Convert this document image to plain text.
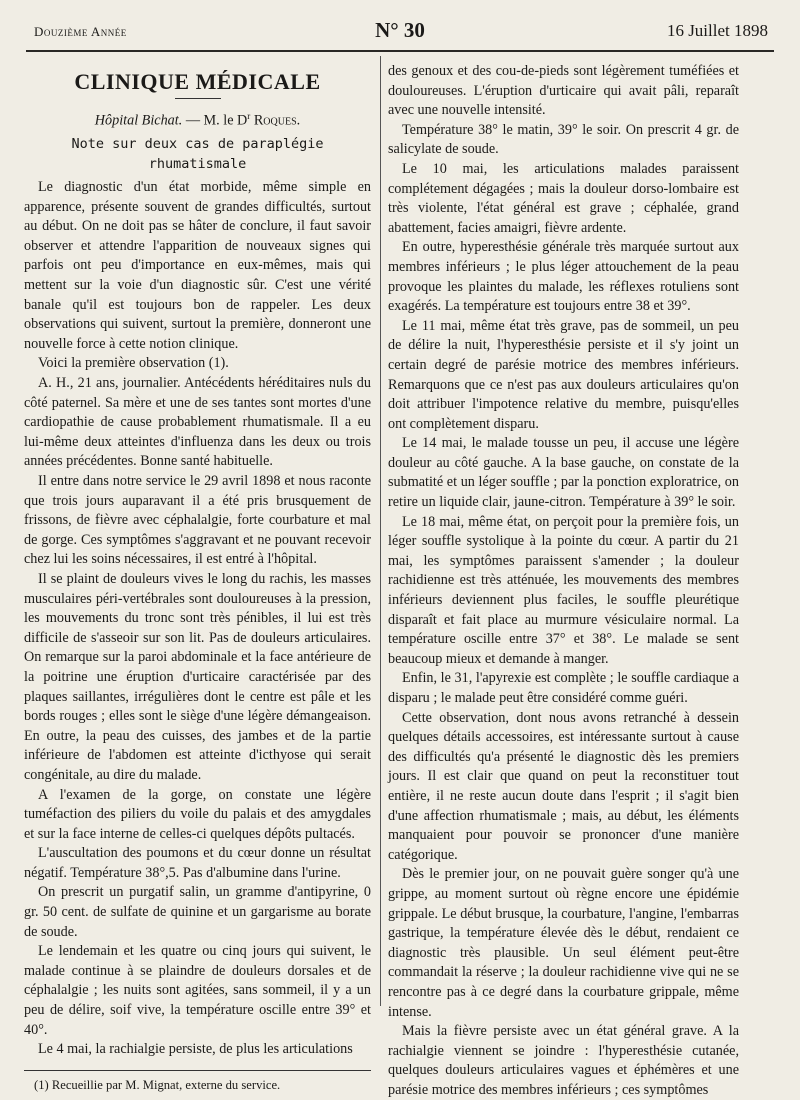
Douzième Année	N° 30	16 Juillet 1898
CLINIQUE MÉDICALE
Hôpital Bichat. — M. le $D^r$ Roques.
Note sur deux cas de paraplégie rhumatismale

Le diagnostic d'un état morbide, même simple en apparence, présente souvent de grandes difficultés, surtout au début. On ne doit pas se hâter de conclure, il faut savoir observer et attendre l'apparition de nouveaux signes qui parfois ont peu d'importance en eux-mêmes, mais qui mettent sur la voie d'un diagnostic sûr. C'est une vérité banale qu'il est toujours bon de rappeler. Les deux observations qui suivent, surtout la première, donneront une nouvelle force à cette notion clinique.

Voici la première observation (1).

A. H., 21 ans, journalier. Antécédents héréditaires nuls du côté paternel. Sa mère et une de ses tantes sont mortes d'une cardiopathie de cause probablement rhumatismale. Il a eu lui-même deux atteintes d'influenza dans les deux ou trois années précédentes. Bonne santé habituelle.

Il entre dans notre service le 29 avril 1898 et nous raconte que trois jours auparavant il a été pris brusquement de frissons, de fièvre avec céphalalgie, forte courbature et mal de gorge. Ces symptômes s'aggravant et ne pouvant recevoir chez lui les soins nécessaires, il est entré à l'hôpital.

Il se plaint de douleurs vives le long du rachis, les masses musculaires péri-vertébrales sont douloureuses à la pression, les mouvements du tronc sont très pénibles, il lui est très difficile de s'asseoir sur son lit. Pas de douleurs articulaires. On remarque sur la paroi abdominale et la face antérieure de la poitrine une éruption d'urticaire caractérisée par des plaques saillantes, irrégulières dont le centre est pâle et les bords rouges ; elles sont le siège d'une légère démangeaison. En outre, la peau des cuisses, des jambes et de la partie inférieure de l'abdomen est atteinte d'icthyose qui serait congénitale, au dire du malade.

A l'examen de la gorge, on constate une légère tuméfaction des piliers du voile du palais et des amygdales et sur la face interne de celles-ci quelques dépôts pultacés.

L'auscultation des poumons et du cœur donne un résultat négatif. Température 38°,5. Pas d'albumine dans l'urine.

On prescrit un purgatif salin, un gramme d'antipyrine, 0 gr. 50 cent. de sulfate de quinine et un gargarisme au borate de soude.

Le lendemain et les quatre ou cinq jours qui suivent, le malade continue à se plaindre de douleurs dorsales et de céphalalgie ; les nuits sont agitées, sans sommeil, il y a un peu de délire, soif vive, la température oscille entre 39° et 40°.

Le 4 mai, la rachialgie persiste, de plus les articulations

(1) Recueillie par M. Mignat, externe du service.

des genoux et des cou-de-pieds sont légèrement tuméfiées et douloureuses. L'éruption d'urticaire qui avait pâli, reparaît avec une nouvelle intensité.

Température 38° le matin, 39° le soir. On prescrit 4 gr. de salicylate de soude.

Le 10 mai, les articulations malades paraissent complétement dégagées ; mais la douleur dorso-lombaire est très violente, l'état général est grave ; céphalée, grand abattement, facies amaigri, fièvre ardente.

En outre, hyperesthésie générale très marquée surtout aux membres inférieurs ; le plus léger attouchement de la peau provoque les plaintes du malade, les réflexes rotuliens sont exagérés. La température est toujours entre 38 et 39°.

Le 11 mai, même état très grave, pas de sommeil, un peu de délire la nuit, l'hyperesthésie persiste et il s'y joint un certain degré de parésie motrice des membres inférieurs. Remarquons que ce n'est pas aux douleurs articulaires qu'on doit attribuer l'impotence relative du membre, puisqu'elles ont complètement disparu.

Le 14 mai, le malade tousse un peu, il accuse une légère douleur au côté gauche. A la base gauche, on constate de la submatité et un léger souffle ; par la ponction exploratrice, on retire un liquide clair, jaune-citron. Température à 39° le soir.

Le 18 mai, même état, on perçoit pour la première fois, un léger souffle systolique à la pointe du cœur. A partir du 21 mai, les symptômes paraissent s'amender ; la douleur rachidienne est très atténuée, les mouvements des membres inférieurs deviennent plus faciles, le souffle pleurétique disparaît et fait place au murmure vésiculaire normal. La température oscille entre 37° et 38°. Le malade se sent beaucoup mieux et demande à manger.

Enfin, le 31, l'apyrexie est complète ; le souffle cardiaque a disparu ; le malade peut être considéré comme guéri.

Cette observation, dont nous avons retranché à dessein quelques détails accessoires, est intéressante surtout à cause des difficultés qu'a présenté le diagnostic dès les premiers jours. Il est clair que quand on peut la reconstituer tout entière, il ne reste aucun doute dans l'esprit ; il s'agit bien d'une affection rhumatismale ; mais, au début, les éléments manquaient pour pouvoir se prononcer d'une manière catégorique.

Dès le premier jour, on ne pouvait guère songer qu'à une grippe, au moment surtout où règne encore une épidémie grippale. Le début brusque, la courbature, l'angine, l'embarras gastrique, la température élevée dès le début, rendaient ce diagnostic très plausible. Un seul élément peut-être commandait la réserve ; la douleur rachidienne vive qui ne se rencontre pas à ce degré dans la courbature grippale, même intense.

Mais la fièvre persiste avec un état général grave. A la rachialgie viennent se joindre : l'hyperesthésie cutanée, quelques douleurs articulaires vagues et éphémères et une parésie motrice des membres inférieurs ; ces symptômes
